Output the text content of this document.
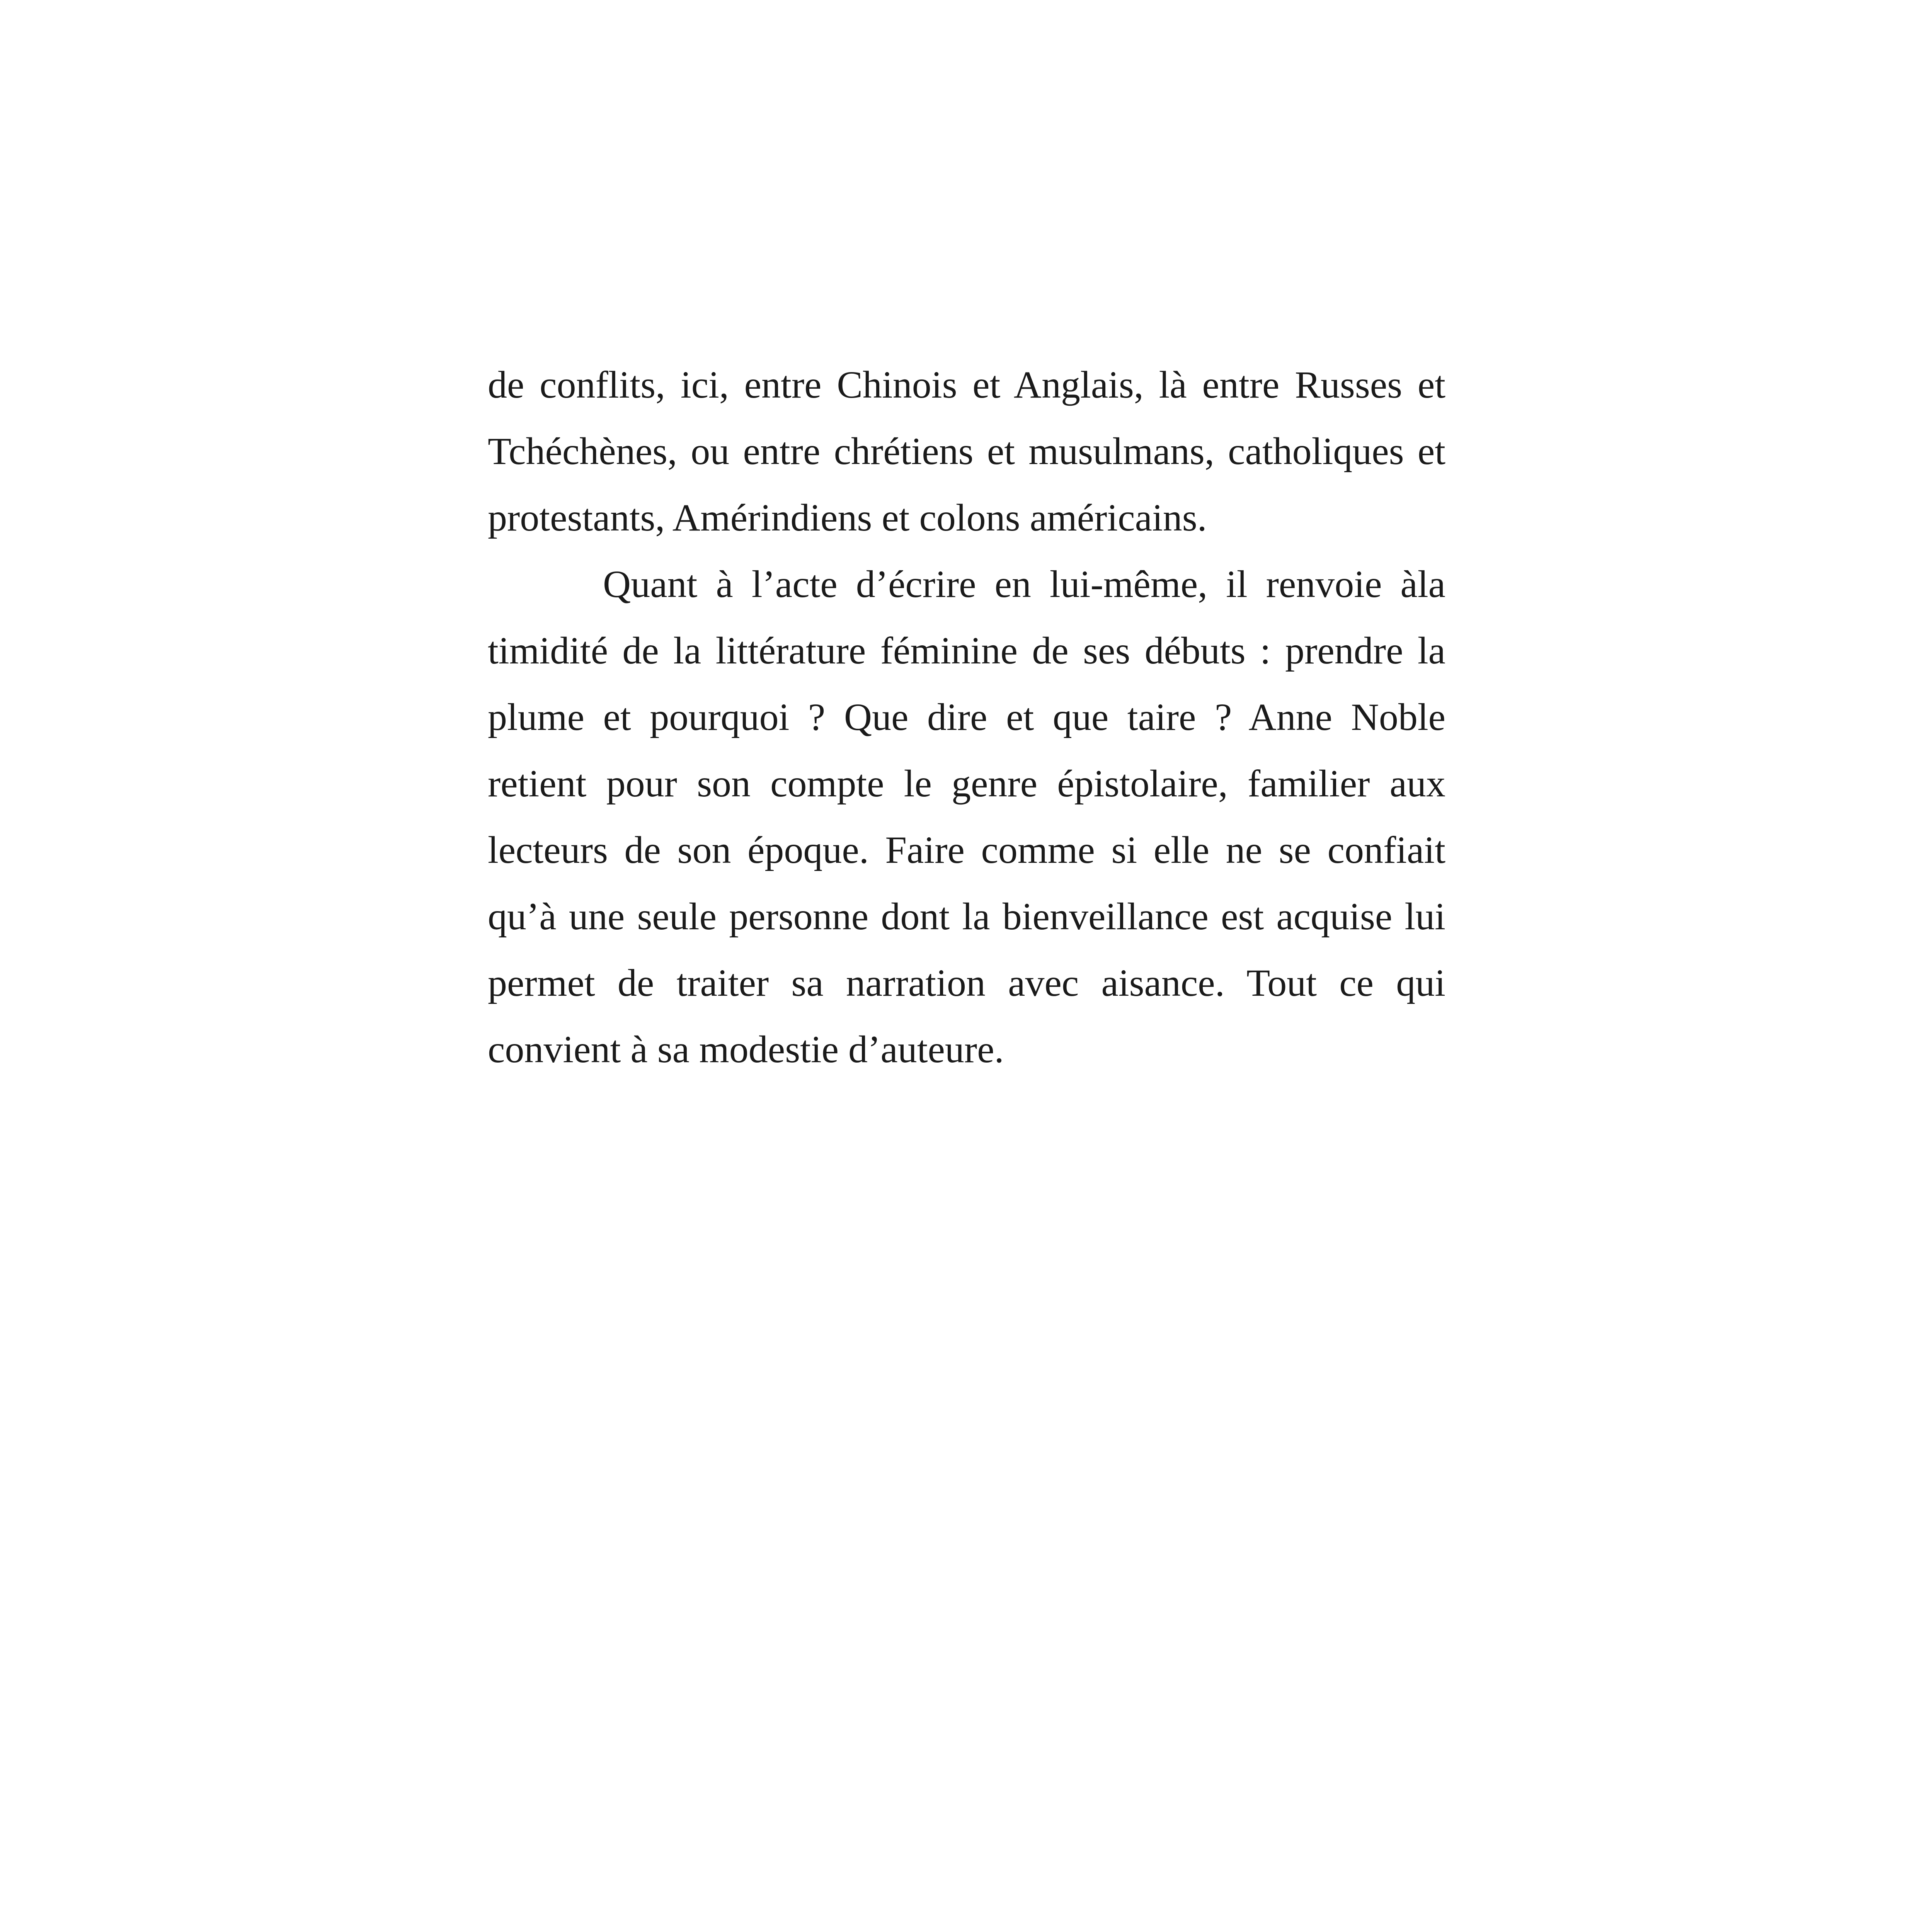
de conflits, ici, entre Chinois et Anglais, là entre Russes et Tchéchènes, ou entre chrétiens et musulmans, catholiques et protestants, Amérindiens et colons américains.

Quant à l’acte d’écrire en lui-même, il renvoie àla timidité de la littérature féminine de ses débuts : prendre la plume et pourquoi ? Que dire et que taire ? Anne Noble retient pour son compte le genre épistolaire, familier aux lecteurs de son époque. Faire comme si elle ne se confiait qu’à une seule personne dont la bienveillance est acquise lui permet de traiter sa narration avec aisance. Tout ce qui convient à sa modestie d’auteure.
